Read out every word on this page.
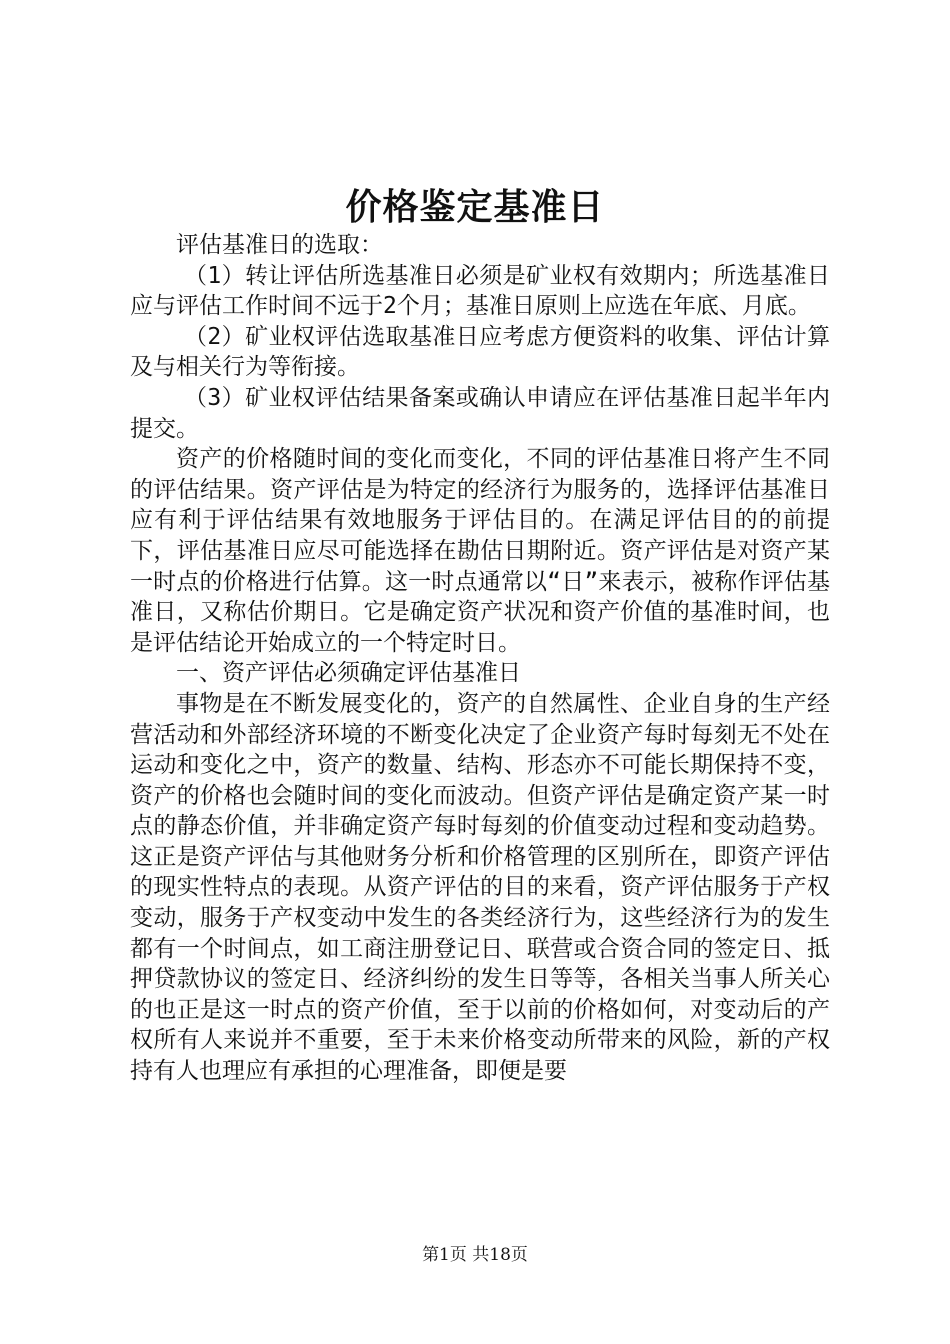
价格鉴定基准日

评估基准日的选取：

（1）转让评估所选基准日必须是矿业权有效期内；所选基准日应与评估工作时间不远于2个月；基准日原则上应选在年底、月底。

（2）矿业权评估选取基准日应考虑方便资料的收集、评估计算及与相关行为等衔接。

（3）矿业权评估结果备案或确认申请应在评估基准日起半年内提交。

资产的价格随时间的变化而变化，不同的评估基准日将产生不同的评估结果。资产评估是为特定的经济行为服务的，选择评估基准日应有利于评估结果有效地服务于评估目的。在满足评估目的的前提下，评估基准日应尽可能选择在勘估日期附近。资产评估是对资产某一时点的价格进行估算。这一时点通常以“日”来表示，被称作评估基准日，又称估价期日。它是确定资产状况和资产价值的基准时间，也是评估结论开始成立的一个特定时日。

一、资产评估必须确定评估基准日

事物是在不断发展变化的，资产的自然属性、企业自身的生产经营活动和外部经济环境的不断变化决定了企业资产每时每刻无不处在运动和变化之中，资产的数量、结构、形态亦不可能长期保持不变，资产的价格也会随时间的变化而波动。但资产评估是确定资产某一时点的静态价值，并非确定资产每时每刻的价值变动过程和变动趋势。这正是资产评估与其他财务分析和价格管理的区别所在，即资产评估的现实性特点的表现。从资产评估的目的来看，资产评估服务于产权变动，服务于产权变动中发生的各类经济行为，这些经济行为的发生都有一个时间点，如工商注册登记日、联营或合资合同的签定日、抵押贷款协议的签定日、经济纠纷的发生日等等，各相关当事人所关心的也正是这一时点的资产价值，至于以前的价格如何，对变动后的产权所有人来说并不重要，至于未来价格变动所带来的风险，新的产权持有人也理应有承担的心理准备，即便是要

第1页 共18页
